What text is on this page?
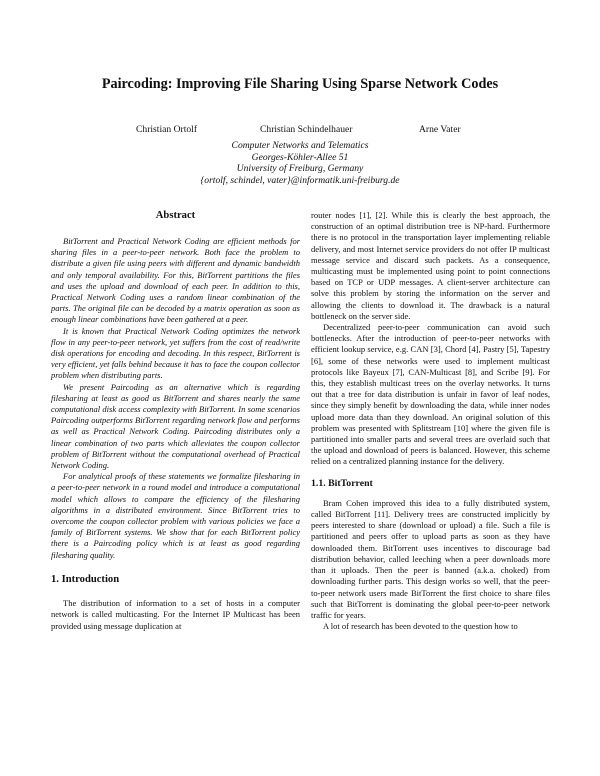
Paircoding: Improving File Sharing Using Sparse Network Codes
Christian Ortolf	Christian Schindelhauer	Arne Vater
Computer Networks and Telematics
Georges-Köhler-Allee 51
University of Freiburg, Germany
{ortolf, schindel, vater}@informatik.uni-freiburg.de
Abstract

BitTorrent and Practical Network Coding are efficient methods for sharing files in a peer-to-peer network. Both face the problem to distribute a given file using peers with different and dynamic bandwidth and only temporal availability. For this, BitTorrent partitions the files and uses the upload and download of each peer. In addition to this, Practical Network Coding uses a random linear combination of the parts. The original file can be decoded by a matrix operation as soon as enough linear combinations have been gathered at a peer.

It is known that Practical Network Coding optimizes the network flow in any peer-to-peer network, yet suffers from the cost of read/write disk operations for encoding and decoding. In this respect, BitTorrent is very efficient, yet falls behind because it has to face the coupon collector problem when distributing parts.

We present Paircoding as an alternative which is regarding filesharing at least as good as BitTorrent and shares nearly the same computational disk access complexity with BitTorrent. In some scenarios Paircoding outperforms BitTorrent regarding network flow and performs as well as Practical Network Coding. Paircoding distributes only a linear combination of two parts which alleviates the coupon collector problem of BitTorrent without the computational overhead of Practical Network Coding.

For analytical proofs of these statements we formalize filesharing in a peer-to-peer network in a round model and introduce a computational model which allows to compare the efficiency of the filesharing algorithms in a distributed environment. Since BitTorrent tries to overcome the coupon collector problem with various policies we face a family of BitTorrent systems. We show that for each BitTorrent policy there is a Paircoding policy which is at least as good regarding filesharing quality.

1. Introduction

The distribution of information to a set of hosts in a computer network is called multicasting. For the Internet IP Multicast has been provided using message duplication at

router nodes [1], [2]. While this is clearly the best approach, the construction of an optimal distribution tree is NP-hard. Furthermore there is no protocol in the transportation layer implementing reliable delivery, and most Internet service providers do not offer IP multicast message service and discard such packets. As a consequence, multicasting must be implemented using point to point connections based on TCP or UDP messages. A client-server architecture can solve this problem by storing the information on the server and allowing the clients to download it. The drawback is a natural bottleneck on the server side.

Decentralized peer-to-peer communication can avoid such bottlenecks. After the introduction of peer-to-peer networks with efficient lookup service, e.g. CAN [3], Chord [4], Pastry [5], Tapestry [6], some of these networks were used to implement multicast protocols like Bayeux [7], CAN-Multicast [8], and Scribe [9]. For this, they establish multicast trees on the overlay networks. It turns out that a tree for data distribution is unfair in favor of leaf nodes, since they simply benefit by downloading the data, while inner nodes upload more data than they download. An original solution of this problem was presented with Splitstream [10] where the given file is partitioned into smaller parts and several trees are overlaid such that the upload and download of peers is balanced. However, this scheme relied on a centralized planning instance for the delivery.

1.1. BitTorrent

Bram Cohen improved this idea to a fully distributed system, called BitTorrent [11]. Delivery trees are constructed implicitly by peers interested to share (download or upload) a file. Such a file is partitioned and peers offer to upload parts as soon as they have downloaded them. BitTorrent uses incentives to discourage bad distribution behavior, called leeching when a peer downloads more than it uploads. Then the peer is banned (a.k.a. choked) from downloading further parts. This design works so well, that the peer-to-peer network users made BitTorrent the first choice to share files such that BitTorrent is dominating the global peer-to-peer network traffic for years.

A lot of research has been devoted to the question how to
